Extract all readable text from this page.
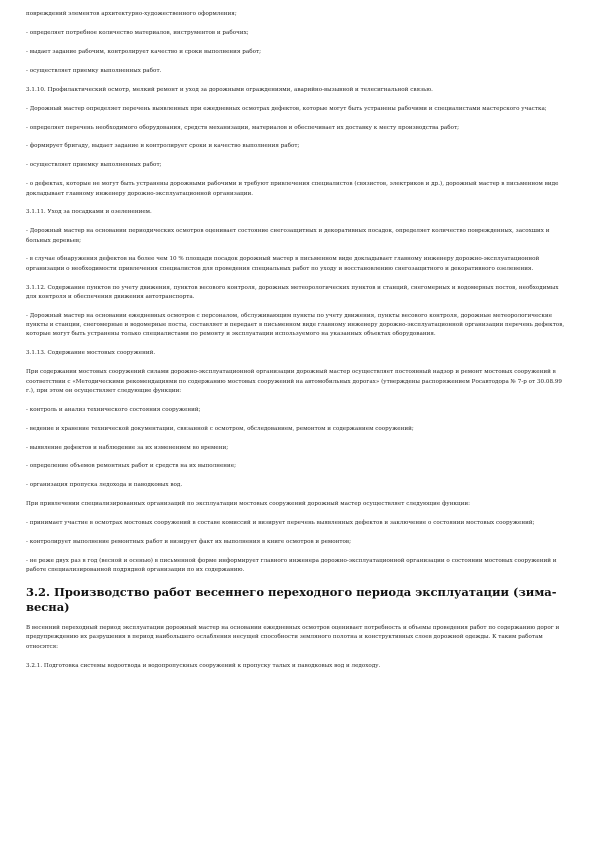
повреждений элементов архитектурно-художественного оформления;

- определяет потребное количество материалов, инструментов и рабочих;

- выдает задание рабочим, контролирует качество и сроки выполнения работ;

- осуществляет приемку выполненных работ.

3.1.10. Профилактический осмотр, мелкий ремонт и уход за дорожными ограждениями, аварийно-вызывной и телесигнальной связью.

- Дорожный мастер определяет перечень выявленных при ежедневных осмотрах дефектов, которые могут быть устранены рабочими и специалистами мастерского участка;

- определяет перечень необходимого оборудования, средств механизации, материалов и обеспечивает их доставку к месту производства работ;

- формирует бригаду, выдает задание и контролирует сроки и качество выполнения работ;

- осуществляет приемку выполненных работ;

- о дефектах, которые не могут быть устранены дорожными рабочими и требуют привлечения специалистов (связистов, электриков и др.), дорожный мастер в письменном виде докладывает главному инженеру дорожно-эксплуатационной организации.

3.1.11. Уход за посадками и озеленением.

- Дорожный мастер на основании периодических осмотров оценивает состояние снегозащитных и декоративных посадок, определяет количество поврежденных, засохших и больных деревьев;

- в случае обнаружения дефектов на более чем 10 % площади посадок дорожный мастер в письменном виде докладывает главному инженеру дорожно-эксплуатационной организации о необходимости привлечения специалистов для проведения специальных работ по уходу и восстановлению снегозащитного и декоративного озеленения.

3.1.12. Содержание пунктов по учету движения, пунктов весового контроля, дорожных метеорологических пунктов и станций, снегомерных и водомерных постов, необходимых для контроля и обеспечения движения автотранспорта.

- Дорожный мастер на основании ежедневных осмотров с персоналом, обслуживающим пункты по учету движения, пункты весового контроля, дорожные метеорологические пункты и станции, снегомерные и водомерные посты, составляет и передает в письменном виде главному инженеру дорожно-эксплуатационной организации перечень дефектов, которые могут быть устранены только специалистами по ремонту и эксплуатации используемого на указанных объектах оборудования.

3.1.13. Содержание мостовых сооружений.

При содержании мостовых сооружений силами дорожно-эксплуатационной организации дорожный мастер осуществляет постоянный надзор и ремонт мостовых сооружений в соответствии с «Методическими рекомендациями по содержанию мостовых сооружений на автомобильных дорогах» (утверждены распоряжением Росавтодора № 7-р от 30.08.99 г.), при этом он осуществляет следующие функции:

- контроль и анализ технического состояния сооружений;

- ведение и хранение технической документации, связанной с осмотром, обследованием, ремонтом и содержанием сооружений;

- выявление дефектов и наблюдение за их изменением во времени;

- определение объемов ремонтных работ и средств на их выполнение;

- организация пропуска ледохода и паводковых вод.

При привлечении специализированных организаций по эксплуатации мостовых сооружений дорожный мастер осуществляет следующие функции:

- принимает участие в осмотрах мостовых сооружений в составе комиссий и визирует перечень выявленных дефектов и заключение о состоянии мостовых сооружений;

- контролирует выполнение ремонтных работ и визирует факт их выполнения в книге осмотров и ремонтов;

- не реже двух раз в год (весной и осенью) в письменной форме информирует главного инженера дорожно-эксплуатационной организации о состоянии мостовых сооружений и работе специализированной подрядной организации по их содержанию.

3.2. Производство работ весеннего переходного периода эксплуатации (зима-весна)

В весенний переходный период эксплуатации дорожный мастер на основании ежедневных осмотров оценивает потребность и объемы проведения работ по содержанию дорог и предупреждению их разрушения в период наибольшего ослабления несущей способности земляного полотна и конструктивных слоев дорожной одежды. К таким работам относятся:

3.2.1. Подготовка системы водоотвода и водопропускных сооружений к пропуску талых и паводковых вод и ледоходу.
